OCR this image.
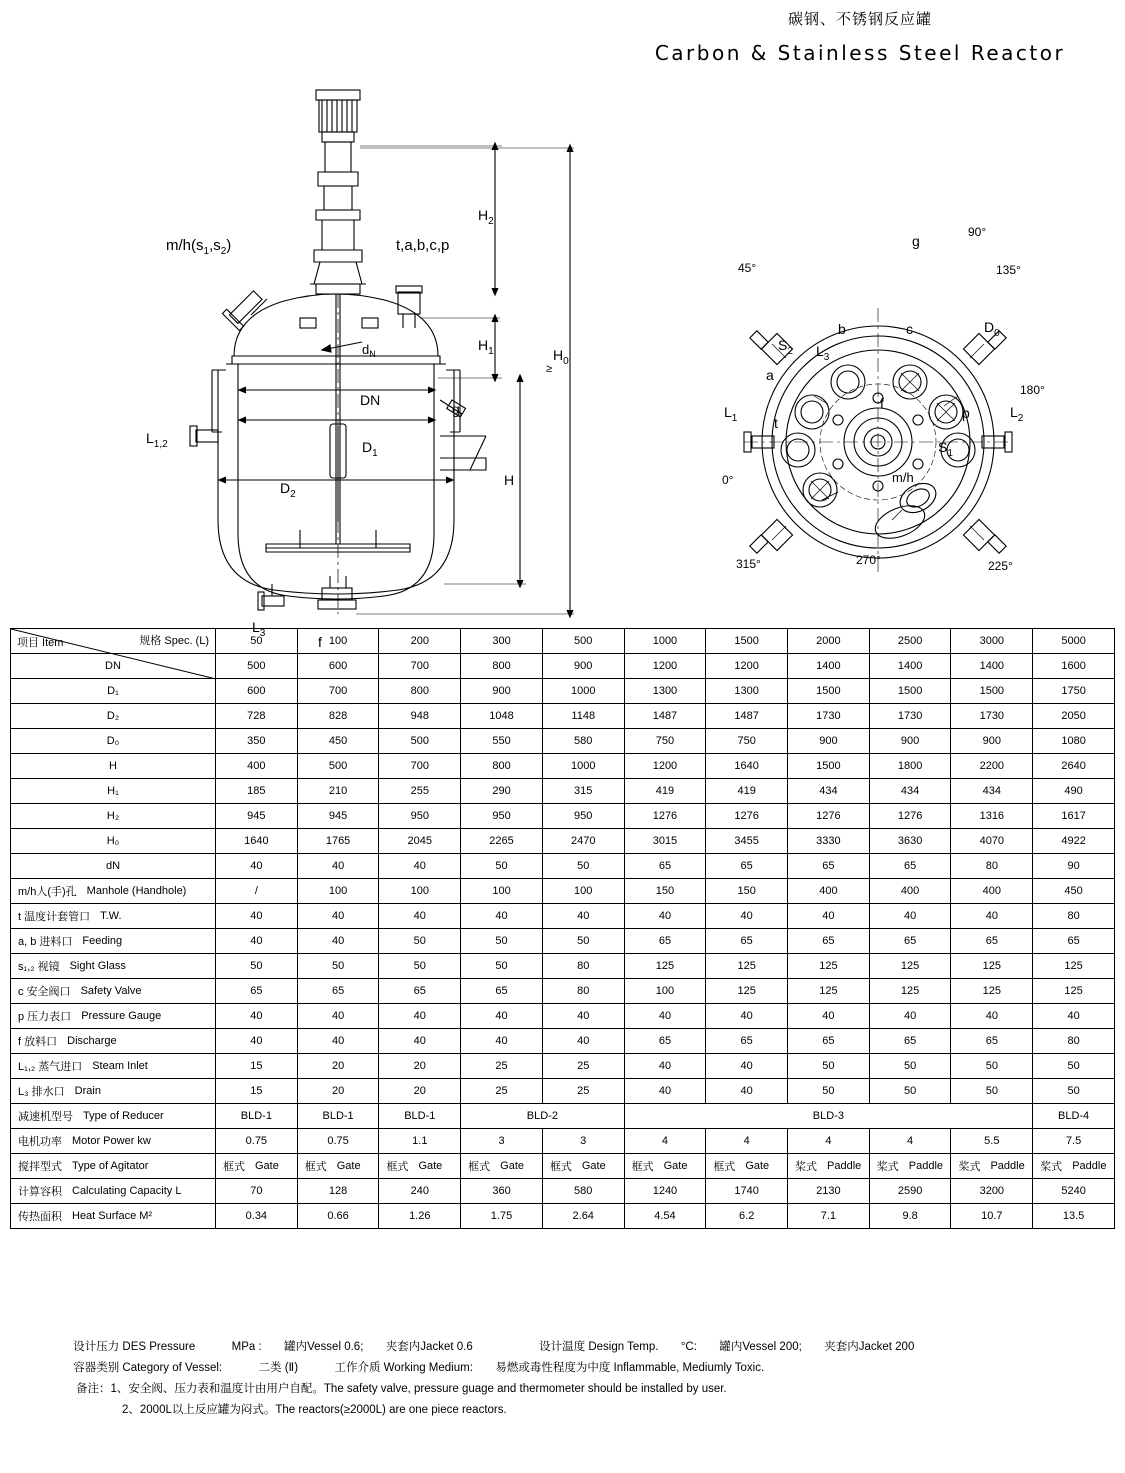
碳钢、不锈钢反应罐
Carbon & Stainless Steel Reactor
$H_2$
$H_1$	$H_0$
≥
H
DN
$D_1$
$D_2$
$d_N$
$L_{1,2}$
$L_3$
f
g
$m/h(s_1,s_2)$	t,a,b,c,p
90°
45°	135°
180°
$L_1$	$L_2$
0°
315°	225°
270°
g
b	c	$D_0$
$S_2$ $L_3$
a
f
p
t
$S_1$
m/h
规格 Spec. (L)
项目 Item	50	100	200	300	500	1000	1500	2000	2500	3000	5000

DN	500	600	700	800	900	1200	1200	1400	1400	1400	1600

D₁	600	700	800	900	1000	1300	1300	1500	1500	1500	1750

D₂	728	828	948	1048	1148	1487	1487	1730	1730	1730	2050

D₀	350	450	500	550	580	750	750	900	900	900	1080

H	400	500	700	800	1000	1200	1640	1500	1800	2200	2640

H₁	185	210	255	290	315	419	419	434	434	434	490

H₂	945	945	950	950	950	1276	1276	1276	1276	1316	1617

H₀	1640	1765	2045	2265	2470	3015	3455	3330	3630	4070	4922

dN	40	40	40	50	50	65	65	65	65	80	90

m/h人(手)孔 Manhole (Handhole)	/	100	100	100	100	150	150	400	400	400	450

t 温度计套管口 T.W.	40	40	40	40	40	40	40	40	40	40	80

a, b 进料口 Feeding	40	40	50	50	50	65	65	65	65	65	65

s₁,₂ 视镜 Sight Glass	50	50	50	50	80	125	125	125	125	125	125

c 安全阀口 Safety Valve	65	65	65	65	80	100	125	125	125	125	125

p 压力表口 Pressure Gauge	40	40	40	40	40	40	40	40	40	40	40

f 放料口 Discharge	40	40	40	40	40	65	65	65	65	65	80

L₁,₂ 蒸气进口 Steam Inlet	15	20	20	25	25	40	40	50	50	50	50

L₃ 排水口 Drain	15	20	20	25	25	40	40	50	50	50	50

减速机型号 Type of Reducer	BLD-1	BLD-1	BLD-1	BLD-2		BLD-3					BLD-4

电机功率 Motor Power kw	0.75	0.75	1.1	3	3	4	4	4	4	5.5	7.5

搅拌型式 Type of Agitator	框式 Gate	框式 Gate	框式 Gate	框式 Gate	框式 Gate	框式 Gate	框式 Gate	桨式 Paddle	桨式 Paddle	桨式 Paddle	桨式 Paddle

计算容积 Calculating Capacity L	70	128	240	360	580	1240	1740	2130	2590	3200	5240

传热面积 Heat Surface M²	0.34	0.66	1.26	1.75	2.64	4.54	6.2	7.1	9.8	10.7	13.5
设计压力 DES Pressure	MPa : 罐内Vessel 0.6; 夹套内Jacket 0.6	设计温度 Design Temp. °C: 罐内Vessel 200; 夹套内Jacket 200
容器类别 Category of Vessel:	二类 (Ⅱ)	工作介质 Working Medium: 易燃或毒性程度为中度 Inflammable, Mediumly Toxic.
备注：1、安全阀、压力表和温度计由用户自配。The safety valve, pressure guage and thermometer should be installed by user.
2、2000L以上反应罐为闷式。The reactors(≥2000L) are one piece reactors.
